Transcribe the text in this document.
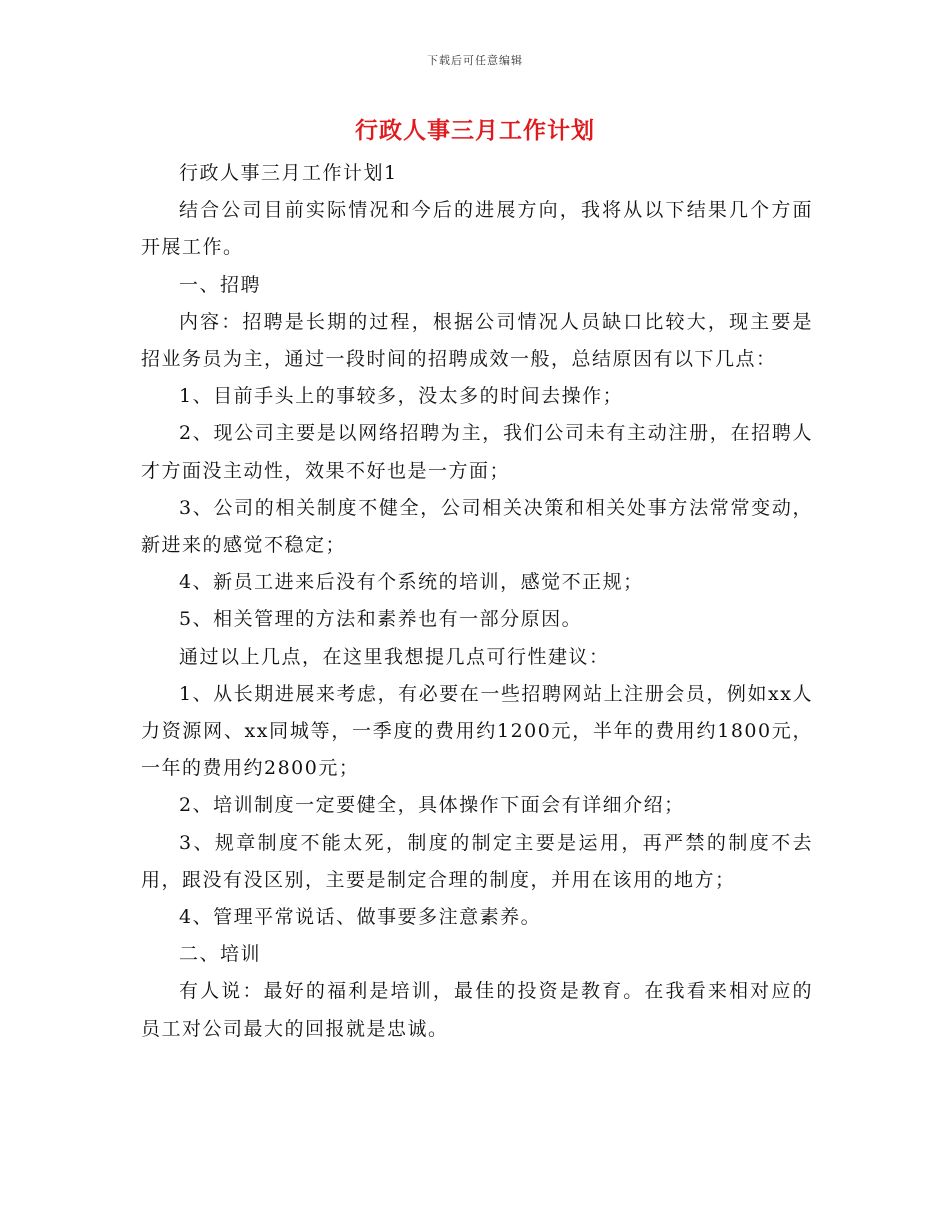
下载后可任意编辑
行政人事三月工作计划

行政人事三月工作计划1

结合公司目前实际情况和今后的进展方向，我将从以下结果几个方面开展工作。

一、招聘

内容：招聘是长期的过程，根据公司情况人员缺口比较大，现主要是招业务员为主，通过一段时间的招聘成效一般，总结原因有以下几点：

1、目前手头上的事较多，没太多的时间去操作；

2、现公司主要是以网络招聘为主，我们公司未有主动注册，在招聘人才方面没主动性，效果不好也是一方面；

3、公司的相关制度不健全，公司相关决策和相关处事方法常常变动，新进来的感觉不稳定；

4、新员工进来后没有个系统的培训，感觉不正规；

5、相关管理的方法和素养也有一部分原因。

通过以上几点，在这里我想提几点可行性建议：

1、从长期进展来考虑，有必要在一些招聘网站上注册会员，例如xx人力资源网、xx同城等，一季度的费用约1200元，半年的费用约1800元，一年的费用约2800元；

2、培训制度一定要健全，具体操作下面会有详细介绍；

3、规章制度不能太死，制度的制定主要是运用，再严禁的制度不去用，跟没有没区别，主要是制定合理的制度，并用在该用的地方；

4、管理平常说话、做事要多注意素养。

二、培训

有人说：最好的福利是培训，最佳的投资是教育。在我看来相对应的员工对公司最大的回报就是忠诚。
